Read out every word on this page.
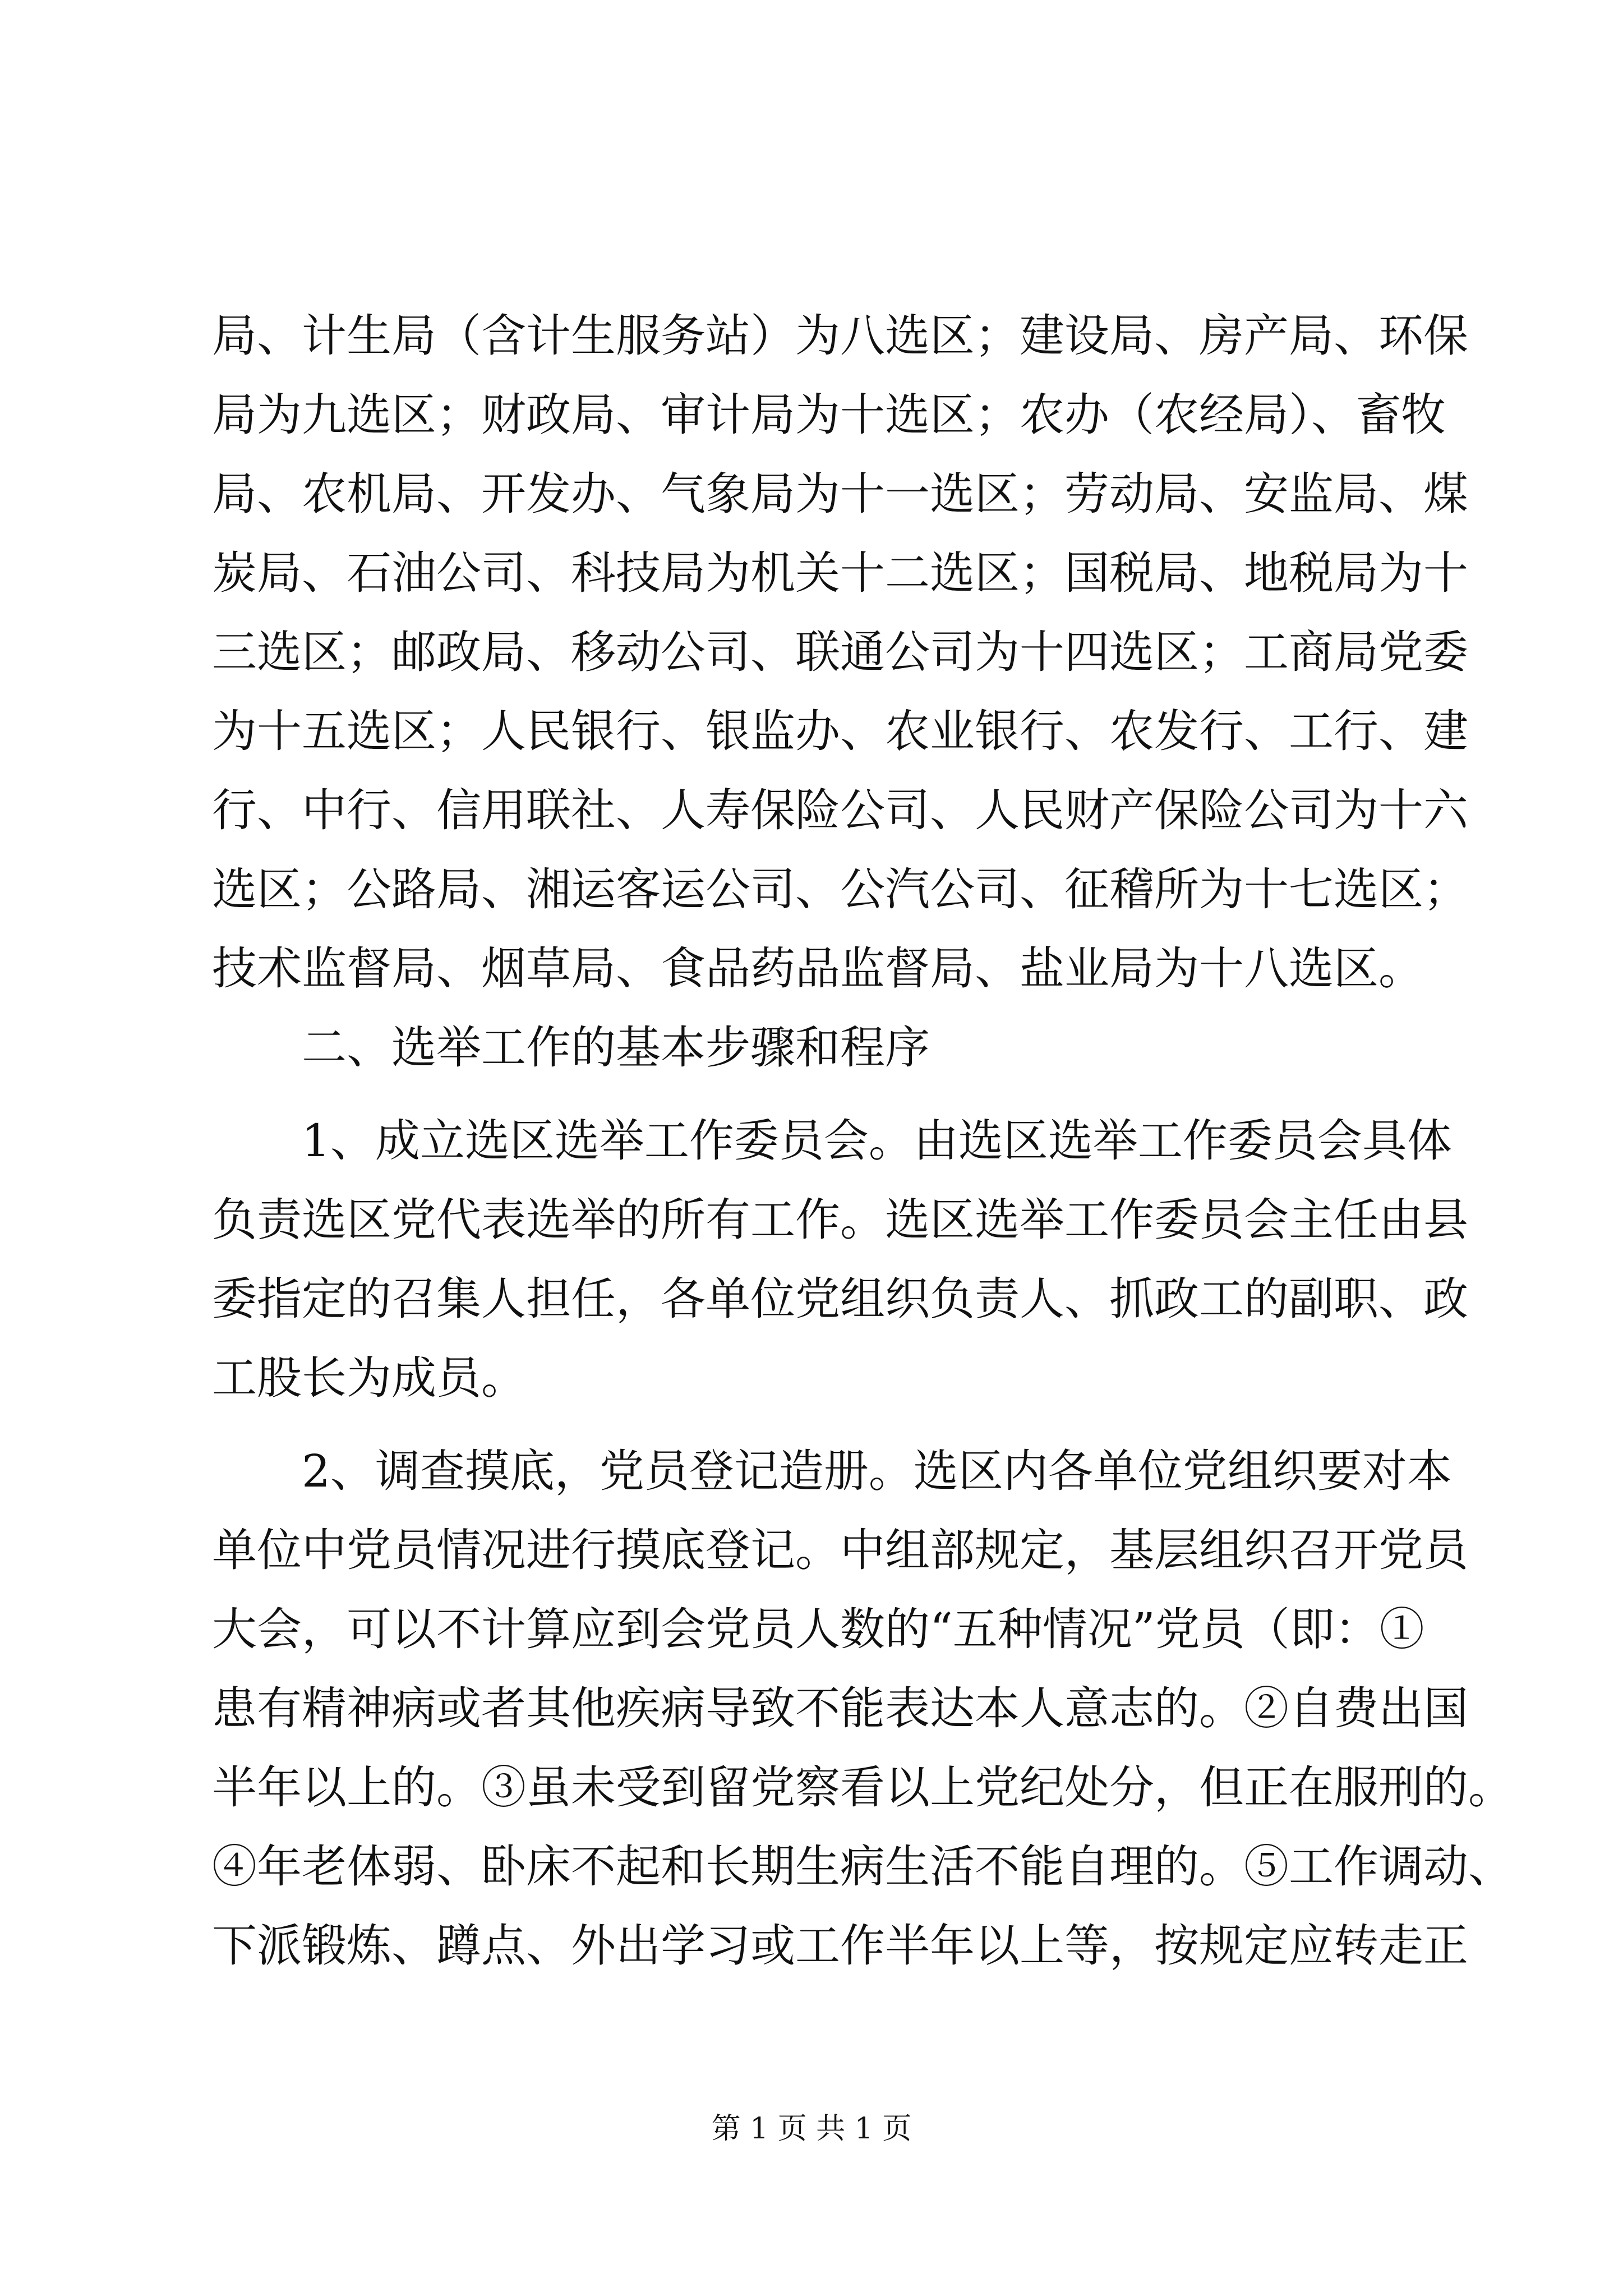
局、计生局（含计生服务站）为八选区；建设局、房产局、环保
局为九选区；财政局、审计局为十选区；农办（农经局）、畜牧
局、农机局、开发办、气象局为十一选区；劳动局、安监局、煤
炭局、石油公司、科技局为机关十二选区；国税局、地税局为十
三选区；邮政局、移动公司、联通公司为十四选区；工商局党委
为十五选区；人民银行、银监办、农业银行、农发行、工行、建
行、中行、信用联社、人寿保险公司、人民财产保险公司为十六
选区；公路局、湘运客运公司、公汽公司、征稽所为十七选区；
技术监督局、烟草局、食品药品监督局、盐业局为十八选区。
二、选举工作的基本步骤和程序
1、成立选区选举工作委员会。由选区选举工作委员会具体
负责选区党代表选举的所有工作。选区选举工作委员会主任由县
委指定的召集人担任，各单位党组织负责人、抓政工的副职、政
工股长为成员。
2、调查摸底，党员登记造册。选区内各单位党组织要对本
单位中党员情况进行摸底登记。中组部规定，基层组织召开党员
大会，可以不计算应到会党员人数的“五种情况”党员（即：①
患有精神病或者其他疾病导致不能表达本人意志的。②自费出国
半年以上的。③虽未受到留党察看以上党纪处分，但正在服刑的。
④年老体弱、卧床不起和长期生病生活不能自理的。⑤工作调动、
下派锻炼、蹲点、外出学习或工作半年以上等，按规定应转走正
第 1 页 共 1 页
